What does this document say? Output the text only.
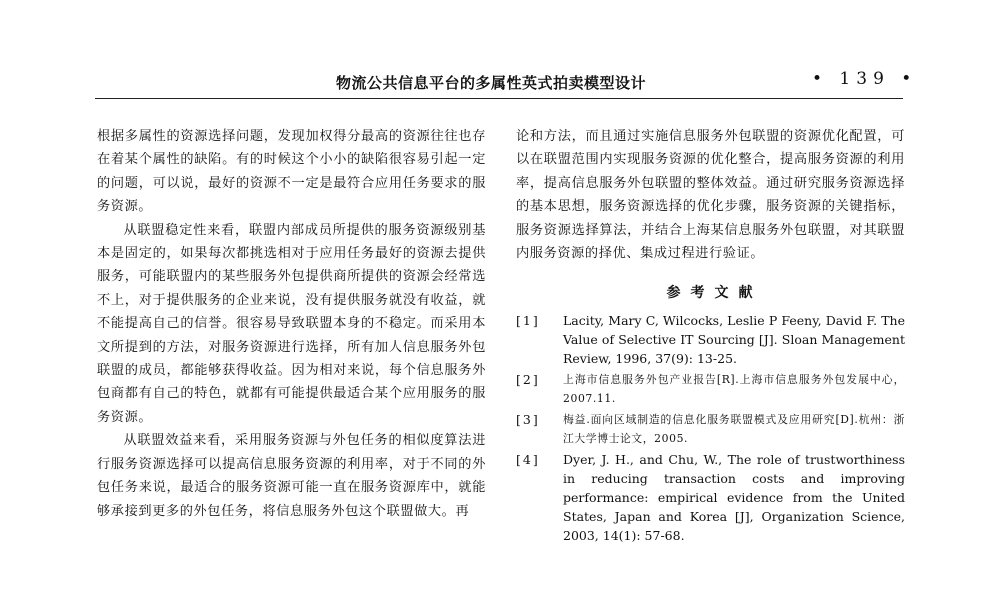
物流公共信息平台的多属性英式拍卖模型设计	• 139 •

根据多属性的资源选择问题，发现加权得分最高的资源往往也存在着某个属性的缺陷。有的时候这个小小的缺陷很容易引起一定的问题，可以说，最好的资源不一定是最符合应用任务要求的服务资源。

从联盟稳定性来看，联盟内部成员所提供的服务资源级别基本是固定的，如果每次都挑选相对于应用任务最好的资源去提供服务，可能联盟内的某些服务外包提供商所提供的资源会经常选不上，对于提供服务的企业来说，没有提供服务就没有收益，就不能提高自己的信誉。很容易导致联盟本身的不稳定。而采用本文所提到的方法，对服务资源进行选择，所有加人信息服务外包联盟的成员，都能够获得收益。因为相对来说，每个信息服务外包商都有自己的特色，就都有可能提供最适合某个应用服务的服务资源。

从联盟效益来看，采用服务资源与外包任务的相似度算法进行服务资源选择可以提高信息服务资源的利用率，对于不同的外包任务来说，最适合的服务资源可能一直在服务资源库中，就能够承接到更多的外包任务，将信息服务外包这个联盟做大。再

论和方法，而且通过实施信息服务外包联盟的资源优化配置，可以在联盟范围内实现服务资源的优化整合，提高服务资源的利用率，提高信息服务外包联盟的整体效益。通过研究服务资源选择的基本思想，服务资源选择的优化步骤，服务资源的关键指标，服务资源选择算法，并结合上海某信息服务外包联盟，对其联盟内服务资源的择优、集成过程进行验证。

参考文献
[1]	Lacity, Mary C, Wilcocks, Leslie P Feeny, David F. The Value of Selective IT Sourcing [J]. Sloan Management Review, 1996, 37(9): 13-25.
[2]	上海市信息服务外包产业报告[R].上海市信息服务外包发展中心，2007.11.
[3]	梅益.面向区域制造的信息化服务联盟模式及应用研究[D].杭州：浙江大学博士论文，2005.
[4]	Dyer, J. H., and Chu, W., The role of trustworthiness in reducing transaction costs and improving performance: empirical evidence from the United States, Japan and Korea [J], Organization Science, 2003, 14(1): 57-68.
